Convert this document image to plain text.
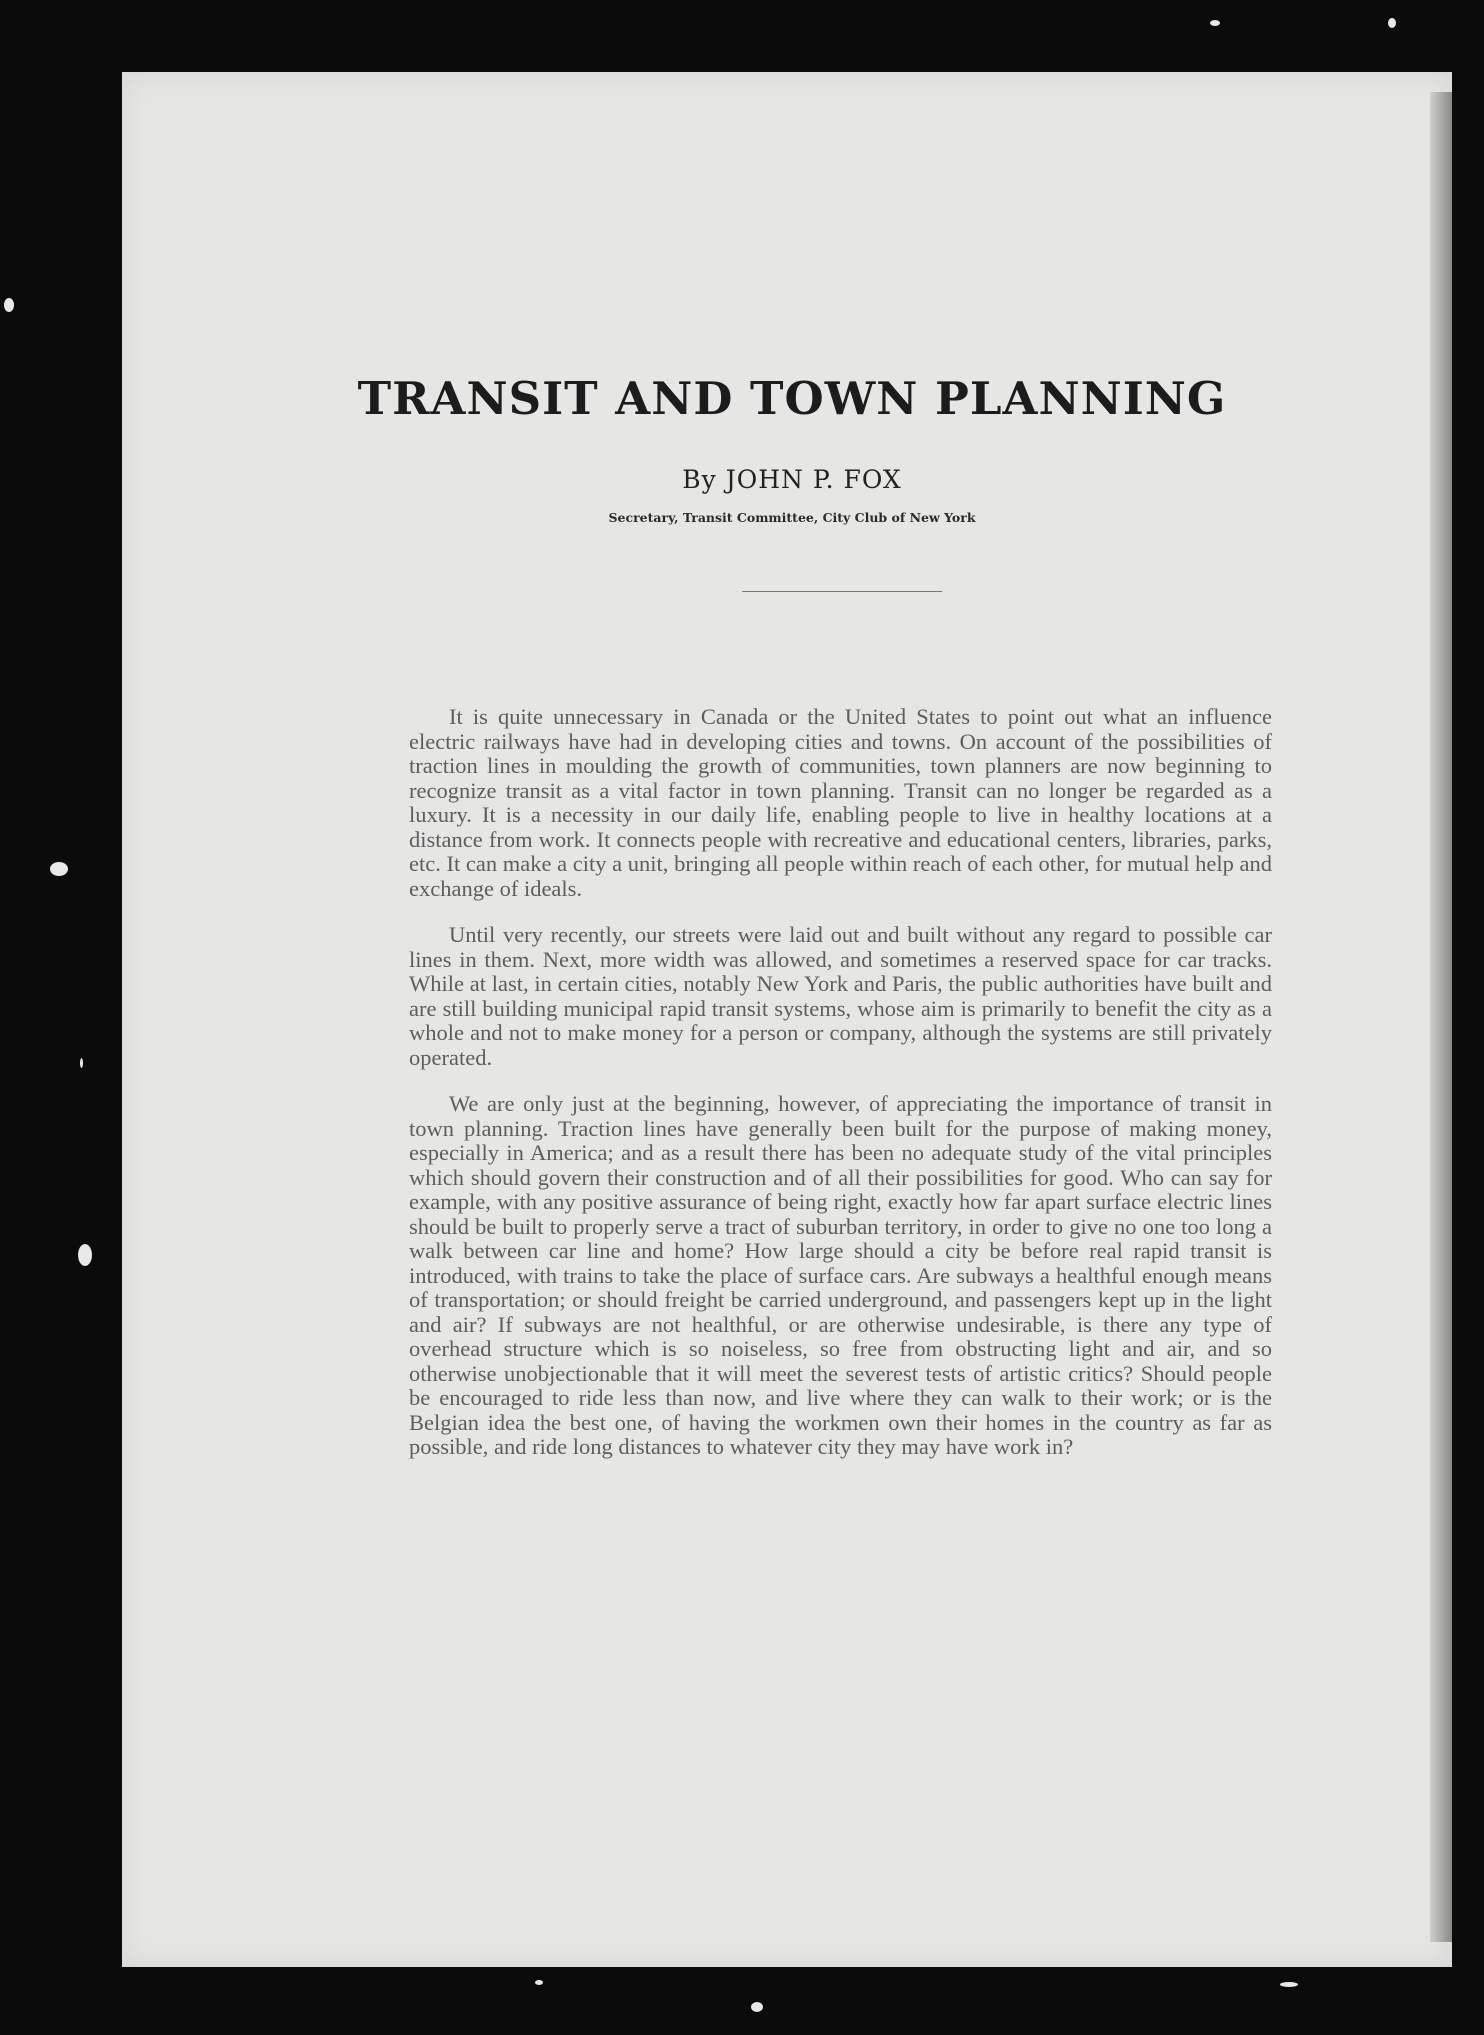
TRANSIT AND TOWN PLANNING
By JOHN P. FOX
Secretary, Transit Committee, City Club of New York

It is quite unnecessary in Canada or the United States to point out what an influence electric railways have had in developing cities and towns. On account of the possibilities of traction lines in moulding the growth of communities, town planners are now beginning to recognize transit as a vital factor in town planning. Transit can no longer be regarded as a luxury. It is a necessity in our daily life, enabling people to live in healthy locations at a distance from work. It connects people with recreative and educational centers, libraries, parks, etc. It can make a city a unit, bringing all people within reach of each other, for mutual help and exchange of ideals.

Until very recently, our streets were laid out and built without any regard to possible car lines in them. Next, more width was allowed, and sometimes a reserved space for car tracks. While at last, in certain cities, notably New York and Paris, the public authorities have built and are still building municipal rapid transit systems, whose aim is primarily to benefit the city as a whole and not to make money for a person or company, although the systems are still privately operated.

We are only just at the beginning, however, of appreciating the importance of transit in town planning. Traction lines have generally been built for the purpose of making money, especially in America; and as a result there has been no adequate study of the vital principles which should govern their construction and of all their possibilities for good. Who can say for example, with any positive assurance of being right, exactly how far apart surface electric lines should be built to properly serve a tract of suburban territory, in order to give no one too long a walk between car line and home? How large should a city be before real rapid transit is introduced, with trains to take the place of surface cars. Are subways a healthful enough means of transportation; or should freight be carried underground, and passengers kept up in the light and air? If subways are not healthful, or are otherwise undesirable, is there any type of overhead structure which is so noiseless, so free from obstructing light and air, and so otherwise unobjectionable that it will meet the severest tests of artistic critics? Should people be encouraged to ride less than now, and live where they can walk to their work; or is the Belgian idea the best one, of having the workmen own their homes in the country as far as possible, and ride long distances to whatever city they may have work in?
